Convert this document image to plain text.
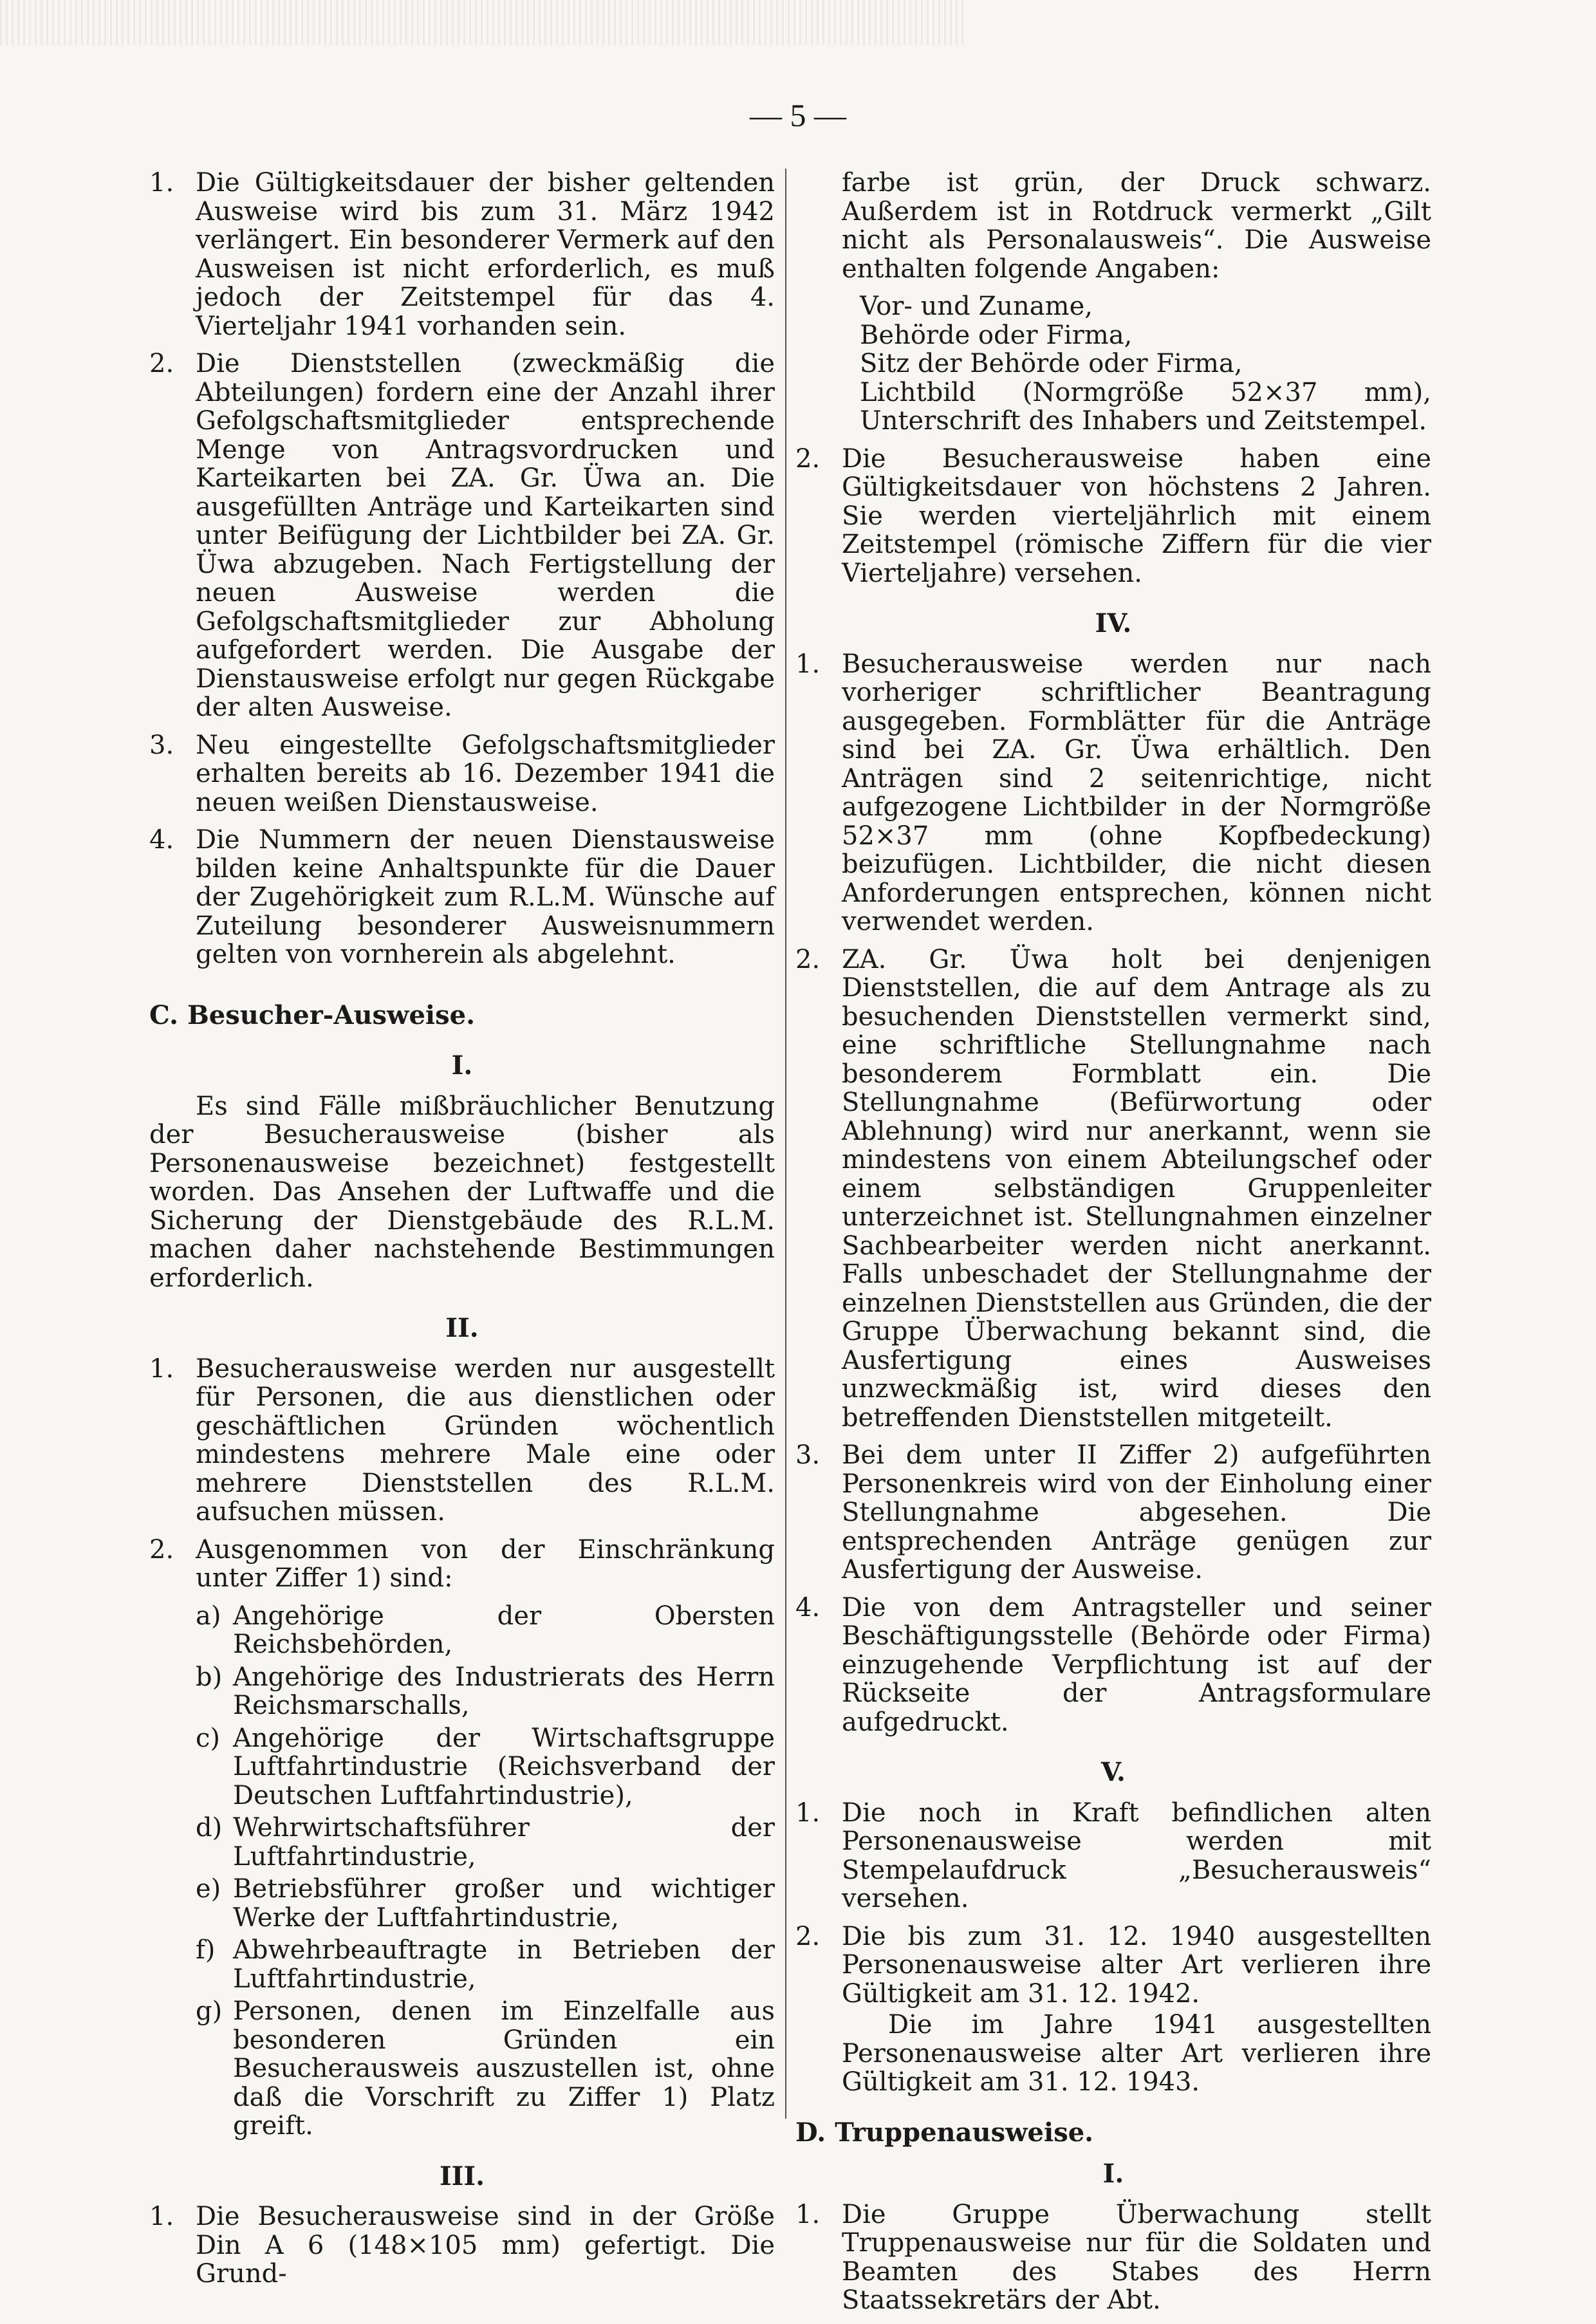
— 5 —
1. Die Gültigkeitsdauer der bisher geltenden Ausweise wird bis zum 31. März 1942 verlängert. Ein besonderer Vermerk auf den Ausweisen ist nicht erforderlich, es muß jedoch der Zeitstempel für das 4. Vierteljahr 1941 vorhanden sein.
2. Die Dienststellen (zweckmäßig die Abteilungen) fordern eine der Anzahl ihrer Gefolgschaftsmitglieder entsprechende Menge von Antragsvordrucken und Karteikarten bei ZA. Gr. Üwa an. Die ausgefüllten Anträge und Karteikarten sind unter Beifügung der Lichtbilder bei ZA. Gr. Üwa abzugeben. Nach Fertigstellung der neuen Ausweise werden die Gefolgschaftsmitglieder zur Abholung aufgefordert werden. Die Ausgabe der Dienstausweise erfolgt nur gegen Rückgabe der alten Ausweise.
3. Neu eingestellte Gefolgschaftsmitglieder erhalten bereits ab 16. Dezember 1941 die neuen weißen Dienstausweise.
4. Die Nummern der neuen Dienstausweise bilden keine Anhaltspunkte für die Dauer der Zugehörigkeit zum R.L.M. Wünsche auf Zuteilung besonderer Ausweisnummern gelten von vornherein als abgelehnt.
C. Besucher-Ausweise.
I.
Es sind Fälle mißbräuchlicher Benutzung der Besucherausweise (bisher als Personenausweise bezeichnet) festgestellt worden. Das Ansehen der Luftwaffe und die Sicherung der Dienstgebäude des R.L.M. machen daher nachstehende Bestimmungen erforderlich.
II.
1. Besucherausweise werden nur ausgestellt für Personen, die aus dienstlichen oder geschäftlichen Gründen wöchentlich mindestens mehrere Male eine oder mehrere Dienststellen des R.L.M. aufsuchen müssen.
2. Ausgenommen von der Einschränkung unter Ziffer 1) sind:
a) Angehörige der Obersten Reichsbehörden,
b) Angehörige des Industrierats des Herrn Reichsmarschalls,
c) Angehörige der Wirtschaftsgruppe Luftfahrtindustrie (Reichsverband der Deutschen Luftfahrtindustrie),
d) Wehrwirtschaftsführer der Luftfahrtindustrie,
e) Betriebsführer großer und wichtiger Werke der Luftfahrtindustrie,
f) Abwehrbeauftragte in Betrieben der Luftfahrtindustrie,
g) Personen, denen im Einzelfalle aus besonderen Gründen ein Besucherausweis auszustellen ist, ohne daß die Vorschrift zu Ziffer 1) Platz greift.
III.
1. Die Besucherausweise sind in der Größe Din A 6 (148×105 mm) gefertigt. Die Grund-
farbe ist grün, der Druck schwarz. Außerdem ist in Rotdruck vermerkt „Gilt nicht als Personalausweis“. Die Ausweise enthalten folgende Angaben:
Vor- und Zuname,
Behörde oder Firma,
Sitz der Behörde oder Firma,
Lichtbild (Normgröße 52×37 mm), Unterschrift des Inhabers und Zeitstempel.
2. Die Besucherausweise haben eine Gültigkeitsdauer von höchstens 2 Jahren. Sie werden vierteljährlich mit einem Zeitstempel (römische Ziffern für die vier Vierteljahre) versehen.
IV.
1. Besucherausweise werden nur nach vorheriger schriftlicher Beantragung ausgegeben. Formblätter für die Anträge sind bei ZA. Gr. Üwa erhältlich. Den Anträgen sind 2 seitenrichtige, nicht aufgezogene Lichtbilder in der Normgröße 52×37 mm (ohne Kopfbedeckung) beizufügen. Lichtbilder, die nicht diesen Anforderungen entsprechen, können nicht verwendet werden.
2. ZA. Gr. Üwa holt bei denjenigen Dienststellen, die auf dem Antrage als zu besuchenden Dienststellen vermerkt sind, eine schriftliche Stellungnahme nach besonderem Formblatt ein. Die Stellungnahme (Befürwortung oder Ablehnung) wird nur anerkannt, wenn sie mindestens von einem Abteilungschef oder einem selbständigen Gruppenleiter unterzeichnet ist. Stellungnahmen einzelner Sachbearbeiter werden nicht anerkannt. Falls unbeschadet der Stellungnahme der einzelnen Dienststellen aus Gründen, die der Gruppe Überwachung bekannt sind, die Ausfertigung eines Ausweises unzweckmäßig ist, wird dieses den betreffenden Dienststellen mitgeteilt.
3. Bei dem unter II Ziffer 2) aufgeführten Personenkreis wird von der Einholung einer Stellungnahme abgesehen. Die entsprechenden Anträge genügen zur Ausfertigung der Ausweise.
4. Die von dem Antragsteller und seiner Beschäftigungsstelle (Behörde oder Firma) einzugehende Verpflichtung ist auf der Rückseite der Antragsformulare aufgedruckt.
V.
1. Die noch in Kraft befindlichen alten Personenausweise werden mit Stempelaufdruck „Besucherausweis“ versehen.
2. Die bis zum 31. 12. 1940 ausgestellten Personenausweise alter Art verlieren ihre Gültigkeit am 31. 12. 1942.
Die im Jahre 1941 ausgestellten Personenausweise alter Art verlieren ihre Gültigkeit am 31. 12. 1943.
D. Truppenausweise.
I.
1. Die Gruppe Überwachung stellt Truppenausweise nur für die Soldaten und Beamten des Stabes des Herrn Staatssekretärs der Abt.
